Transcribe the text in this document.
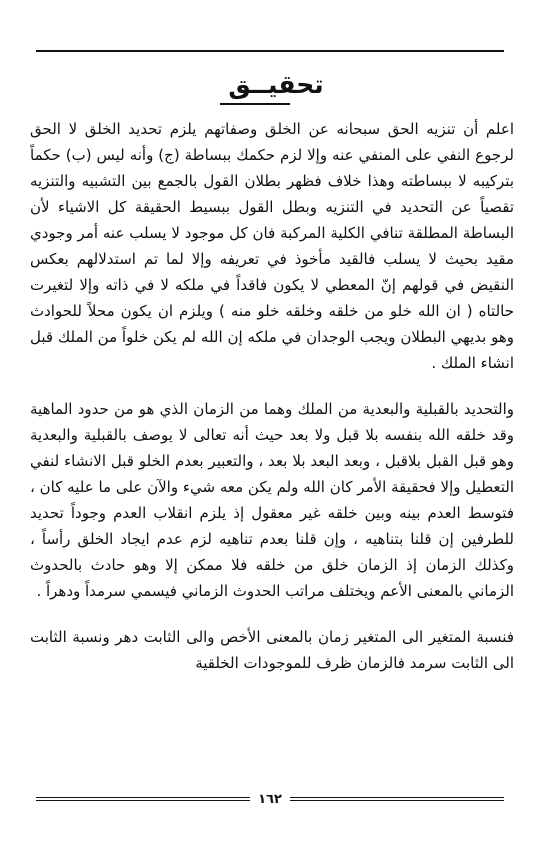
تحقيــق

اعلم أن تنزيه الحق سبحانه عن الخلق وصفاتهم يلزم تحديد الخلق لا الحق لرجوع النفي على المنفي عنه وإلا لزم حكمك ببساطة (ج) وأنه ليس (ب) حكماً بتركيبه لا ببساطته وهذا خلاف فظهر بطلان القول بالجمع بين التشبيه والتنزيه تقصياً عن التحديد في التنزيه وبطل القول ببسيط الحقيقة كل الاشياء لأن البساطة المطلقة تنافي الكلية المركبة فان كل موجود لا يسلب عنه أمر وجودي مقيد بحيث لا يسلب فالقيد مأخوذ في تعريفه وإلا لما تم استدلالهم بعكس النقيض في قولهم إنّ المعطي لا يكون فاقداً في ملكه لا في ذاته وإلا لتغيرت حالتاه ( ان الله خلو من خلقه وخلقه خلو منه ) ويلزم ان يكون محلاً للحوادث وهو بديهي البطلان ويجب الوجدان في ملكه إن الله لم يكن خلواً من الملك قبل انشاء الملك .

والتحديد بالقبلية والبعدية من الملك وهما من الزمان الذي هو من حدود الماهية وقد خلقه الله بنفسه بلا قبل ولا بعد حيث أنه تعالى لا يوصف بالقبلية والبعدية وهو قبل القبل بلاقبل ، وبعد البعد بلا بعد ، والتعبير بعدم الخلو قبل الانشاء لنفي التعطيل وإلا فحقيقة الأمر كان الله ولم يكن معه شيء والآن على ما عليه كان ، فتوسط العدم بينه وبين خلقه غير معقول إذ يلزم انقلاب العدم وجوداً تحديد للطرفين إن قلنا بتناهيه ، وإن قلنا بعدم تناهيه لزم عدم ايجاد الخلق رأساً ، وكذلك الزمان إذ الزمان خلق من خلقه فلا ممكن إلا وهو حادث بالحدوث الزماني بالمعنى الأعم ويختلف مراتب الحدوث الزماني فيسمي سرمداً ودهراً .

فنسبة المتغير الى المتغير زمان بالمعنى الأخص والى الثابت دهر ونسبة الثابت الى الثابت سرمد فالزمان ظرف للموجودات الخلقية

١٦٢
